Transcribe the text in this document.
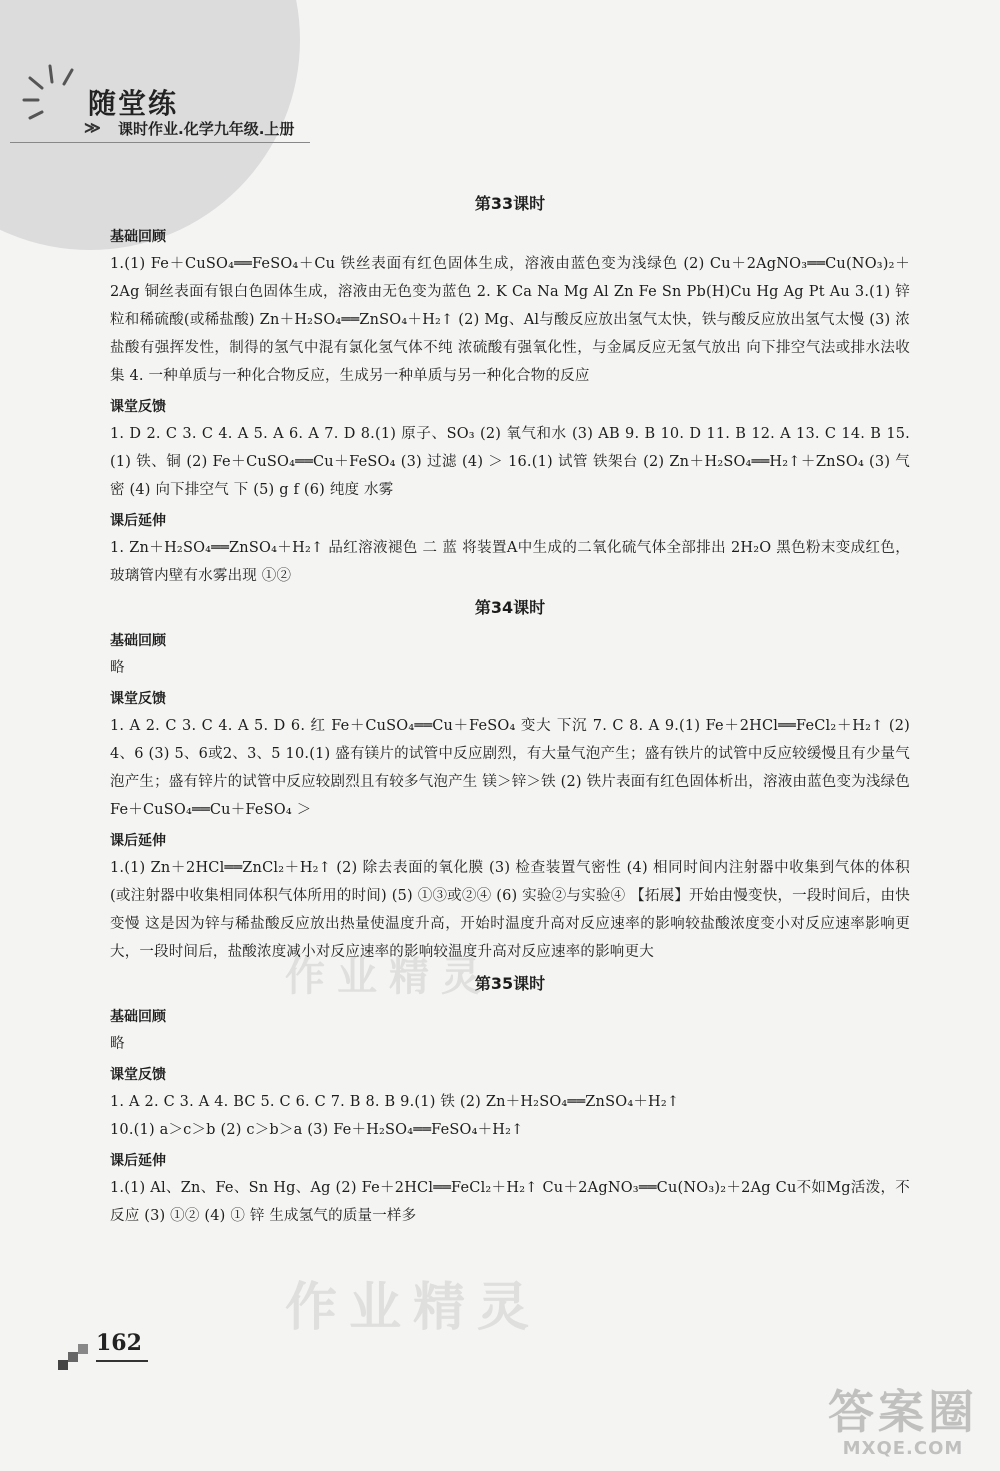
随堂练
≫ 课时作业.化学九年级.上册
第33课时
基础回顾

1.(1) Fe＋CuSO₄══FeSO₄＋Cu 铁丝表面有红色固体生成，溶液由蓝色变为浅绿色 (2) Cu＋2AgNO₃══Cu(NO₃)₂＋2Ag 铜丝表面有银白色固体生成，溶液由无色变为蓝色 2. K Ca Na Mg Al Zn Fe Sn Pb(H)Cu Hg Ag Pt Au 3.(1) 锌粒和稀硫酸(或稀盐酸) Zn＋H₂SO₄══ZnSO₄＋H₂↑ (2) Mg、Al与酸反应放出氢气太快，铁与酸反应放出氢气太慢 (3) 浓盐酸有强挥发性，制得的氢气中混有氯化氢气体不纯 浓硫酸有强氧化性，与金属反应无氢气放出 向下排空气法或排水法收集 4. 一种单质与一种化合物反应，生成另一种单质与另一种化合物的反应

课堂反馈

1. D 2. C 3. C 4. A 5. A 6. A 7. D 8.(1) 原子、SO₃ (2) 氧气和水 (3) AB 9. B 10. D 11. B 12. A 13. C 14. B 15.(1) 铁、铜 (2) Fe＋CuSO₄══Cu＋FeSO₄ (3) 过滤 (4) ＞ 16.(1) 试管 铁架台 (2) Zn＋H₂SO₄══H₂↑＋ZnSO₄ (3) 气密 (4) 向下排空气 下 (5) g f (6) 纯度 水雾

课后延伸

1. Zn＋H₂SO₄══ZnSO₄＋H₂↑ 品红溶液褪色 二 蓝 将装置A中生成的二氧化硫气体全部排出 2H₂O 黑色粉末变成红色，玻璃管内壁有水雾出现 ①②

第34课时
基础回顾

略

课堂反馈

1. A 2. C 3. C 4. A 5. D 6. 红 Fe＋CuSO₄══Cu＋FeSO₄ 变大 下沉 7. C 8. A 9.(1) Fe＋2HCl══FeCl₂＋H₂↑ (2) 4、6 (3) 5、6或2、3、5 10.(1) 盛有镁片的试管中反应剧烈，有大量气泡产生；盛有铁片的试管中反应较缓慢且有少量气泡产生；盛有锌片的试管中反应较剧烈且有较多气泡产生 镁＞锌＞铁 (2) 铁片表面有红色固体析出，溶液由蓝色变为浅绿色 Fe＋CuSO₄══Cu＋FeSO₄ ＞

课后延伸

1.(1) Zn＋2HCl══ZnCl₂＋H₂↑ (2) 除去表面的氧化膜 (3) 检查装置气密性 (4) 相同时间内注射器中收集到气体的体积(或注射器中收集相同体积气体所用的时间) (5) ①③或②④ (6) 实验②与实验④ 【拓展】开始由慢变快，一段时间后，由快变慢 这是因为锌与稀盐酸反应放出热量使温度升高，开始时温度升高对反应速率的影响较盐酸浓度变小对反应速率影响更大，一段时间后，盐酸浓度减小对反应速率的影响较温度升高对反应速率的影响更大

第35课时
基础回顾

略

课堂反馈

1. A 2. C 3. A 4. BC 5. C 6. C 7. B 8. B 9.(1) 铁 (2) Zn＋H₂SO₄══ZnSO₄＋H₂↑
10.(1) a＞c＞b (2) c＞b＞a (3) Fe＋H₂SO₄══FeSO₄＋H₂↑

课后延伸

1.(1) Al、Zn、Fe、Sn Hg、Ag (2) Fe＋2HCl══FeCl₂＋H₂↑ Cu＋2AgNO₃══Cu(NO₃)₂＋2Ag Cu不如Mg活泼，不反应 (3) ①② (4) ① 锌 生成氢气的质量一样多

作业精灵
作业精灵
162
答案圈
MXQE.COM
